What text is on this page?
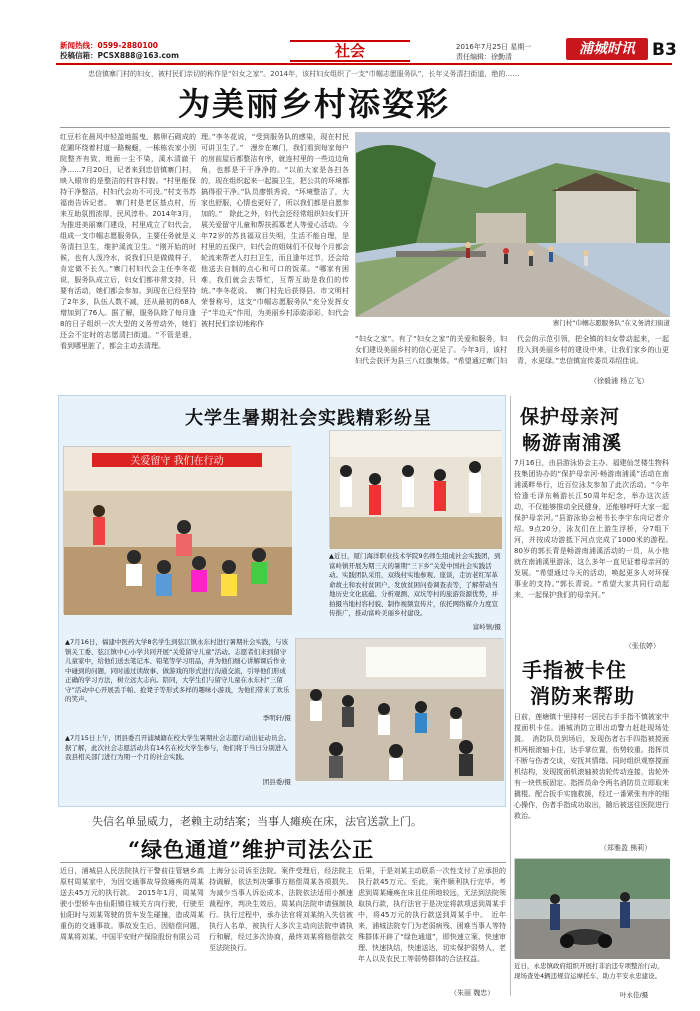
新闻热线：0599-2880100
投稿信箱：PCSX888@163.com	社会	2016年7月25日 星期一
责任编辑：徐勤清	浦城时讯	B3
忠信镇寨门村的妇女，被村民们亲切的称作是“妇女之家”。2014年，该村妇女组织了一支“巾帼志愿服务队”，长年义务清扫街道，绝的……
为美丽乡村添姿彩
红豆杉在晨风中轻盈地摇曳，鹅卵石砌成的花圃环绕着村道一路蜿蜒，一栋栋农家小别院整齐有致，地面一尘不染，溪水清澈干净……7月20日，记者来到忠信镇寨门村，映入眼帘的是整洁的村容村貌。“村里能保持干净整洁，村妇代会功不可没。”村支书苏福南告诉记者。　寨门村是老区基点村，历来互助氛围浓厚，民风淳朴。2014年3月，为推进美丽寨门建设，村里成立了妇代会，组成一支巾帼志愿服务队，主要任务就是义务清扫卫生，维护溪流卫生。“刚开始的时候，也有人泼冷水，说我们只是做做样子，肯定做不长久。”寨门村妇代会主任李冬花说，服务队成立后，妇女们都非常支持，只要有活动，她们都会参加。到现在已经坚持了2年多，队伍人数不减，还从最初的68人增加到了76人。据了解，服务队除了每月逢8的日子组织一次大型的义务劳动外，她们还会不定时的志愿清扫街道。“不管是谁，看到哪里脏了，都会主动去清理。
理。”李冬花说，“受到服务队的感染，现在村民可讲卫生了。”　漫步在寨门，我们看到每家每户的房前屋后都整洁有序，就连村里的一些边边角角，也都是干干净净的。“以前大家是各扫各的，现在组织起来一起搞卫生，把公共的环境都搞得很干净。”队员廖银秀说，“环境整洁了，大家也舒服，心情也更好了，所以我们都是自愿参加的。”　除此之外，妇代会还经常组织妇女们开展关爱留守儿童和帮扶孤寡老人等爱心活动。今年72岁的苏良福双目失明，生活不能自理，是村里的五保户，妇代会的姐妹们不仅每个月都会轮流来帮老人打扫卫生，而且逢年过节，还会给他送去自制的点心和可口的饭菜。“哪家有困难，我们就会去帮忙，互帮互助是我们的传统。”李冬花说。　寨门村先后获得县、市文明村荣誉称号，这支“巾帼志愿服务队”充分发挥女子“半边天”作用，为美丽乡村添姿添彩，妇代会被村民们亲切地称作	寨门村“巾帼志愿服务队”在义务清扫街道
“妇女之家”。有了“妇女之家”的关爱和服务，妇女们建设美丽乡村的信心更足了。今年3月，该村妇代会获评为县三八红旗集体。“希望通过寨门妇代会的示范引领，把全镇的妇女带动起来，一起投入到美丽乡村的建设中来，让我们家乡的山更青，水更绿。”忠信镇宣传委员邓绍佳说。
（徐毅浦 杨立飞）
大学生暑期社会实践精彩纷呈
关爱留守 我们在行动
▲近日，厦门海洋职业技术学院9名师生组成社会实践团，到富岭镇开展为期三天的暑期“三下乡”关爱中国社会实践活动。实践团队采用，双线村实地参观、座谈，走访老红军革命故土和农村贫困户、发放贫困问卷调查表等，了解带动当地历史文化底蕴、分析观测、双坑等村的旅游资源优势，并拍摄当地村容村貌、制作视频宣传片，依托网络媒介力度宣传推广，推动富岭美丽乡村建设。
富岭镇/摄
▲7月16日，福建中医药大学8名学生到弦江镇永东村进行暑期社会实践，与该镇关工委、弦江镇中心小学共同开展“关爱留守儿童”活动。志愿者们来到留守儿童家中，给他们送去笔记本、铅笔等学习用品，并为他们细心讲解课后作业中碰到的问题，同时通过读故事、做游戏的形式进行沟通交流，引导他们形成正确的学习方法，树立远大志向。陪同，大学生们与留守儿童在永东村“三留守”活动中心开展丢手帕、抢凳子等形式多样的趣味小游戏，为他们带来了欢乐的笑声。
季明轩/摄
▲7月15日上午，团县委召开浦城籍在校大学生暑期社会志愿行动出征动员会。据了解，此次社会志愿活动共有14名在校大学生参与，他们将于当日分别进入我县相关部门进行为期一个月的社会实践。
团县委/摄
保护母亲河
畅游南浦溪
7月16日，由县游泳协会主办、福建仙芝楼生物科技集团协办的“保护母亲河·畅游南浦溪”活动在南浦溪畔举行，近百位泳友参加了此次活动。“今年恰逢毛泽东畅游长江50周年纪念，举办这次活动，不仅能够推动全民健身，还能够呼吁大家一起保护母亲河。”县游泳协会秘书长李宇东向记者介绍。9点20分，泳友们在上游生浮桥，分7组下河，并按成功游抵下河点完成了1000米的游程。　80岁的郭长青是畅游南浦溪活动的一员，从小他就在南浦溪里游泳，这么多年一直见证着母亲河的发展。“希望通过今天的活动，唤起更多人对环保事业的支持。”郭长青说。“希望大家共同行动起来，一起保护我们的母亲河。”
（张依婷）
手指被卡住
消防来帮助
日前，莲塘镇十里排村一居民右手手指不慎被家中搅面机卡住。浦城消防立即出动警力赶赴现场处置。　消防队员到场后，发现伤者右手四指被搅面机两根滚轴卡住，达手掌位置，伤势较重。指挥员不断与伤者交谈，安抚其情绪。同时组织观察搅面机结构，发现搅面机滚轴被齿轮传动连接，齿轮外有一块铁板固定。指挥员命令两名消防员立即取来撬棍、配合扳手实施救援，经过一番紧张有序的细心操作，伤者手指成功取出，随后被送往医院进行救治。
（郑雅盈 熊莉）
近日，永忠镇政府组织开展打非治违专项整治行动，现场查处4辆违规营运摩托车，助力平安永忠建设。
叶永佳/摄
失信名单显威力，老赖主动结案；当事人瘫痪在床，法官送款上门。
“绿色通道”维护司法公正
近日，浦城县人民法院执行干警前往管辖乡高原村周某家中，为因交通事故导致瘫痪的周某送去45万元的执行款。　2015年1月，周某驾驶小型轿车由仙阳镇往城关方向行驶，行驶至仙阳时与刘某驾驶的货车发生碰撞，造成周某重伤的交通事故。事故发生后，因赔偿问题，周某将刘某、中国平安财产保险股份有限公司
上海分公司诉至法院。案件受理后，经法院主持调解，依法判决肇事方赔偿周某各项损失。为减少当事人诉讼成本，法院依法适用小额速裁程序，判决生效后，周某向法院申请强制执行。执行过程中，承办法官将刘某纳入失信被执行人名单，被执行人多次主动向法院申请执行和解，经过多次协商，最终刘某将赔偿款交至法院执行。
后果，于是刘某主动联系一次性支付了应承担的执行款45万元。至此，案件顺利执行完毕。考虑到周某瘫痪在床且住所地较远，无法到法院领取执行款，执行法官于是决定将款项送到周某手中，将45万元的执行款送到周某手中。　近年来，浦城法院专门为老弱病残、困难当事人等特殊群体开辟了“绿色通道”，即快速立案、快速审理、快速执结，快速送达，切实保护弱势人，老年人以及农民工等弱势群体的合法权益。
（朱丽 魏忠）
